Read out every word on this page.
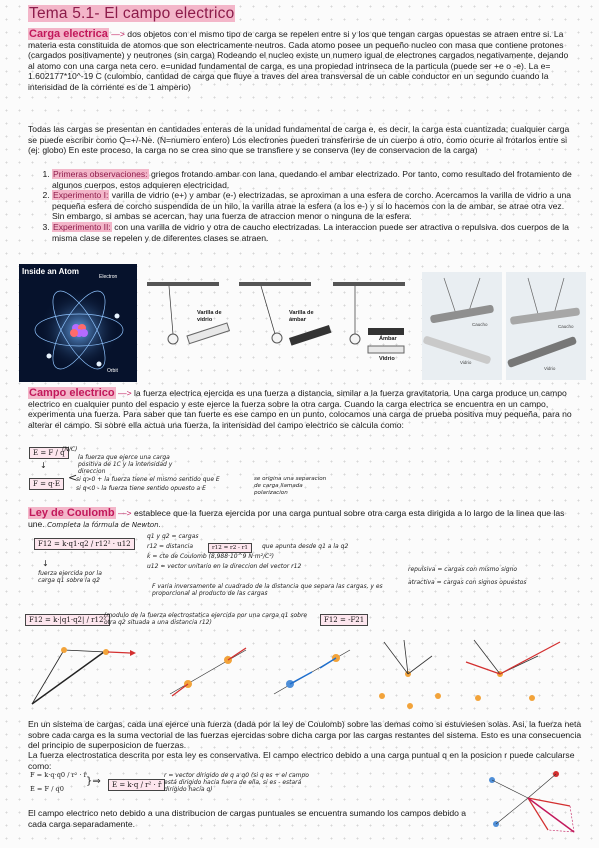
Tema 5.1- El campo electrico
Carga electrica —> dos objetos con el mismo tipo de carga se repelen entre si y los que tengan cargas opuestas se atraen entre si. La materia esta constituida de atomos que son electricamente neutros. Cada atomo posee un pequeño nucleo con masa que contiene protones (cargados positivamente) y neutrones (sin carga) Rodeando el nucleo existe un numero igual de electrones cargados negativamente, dejando al atomo con una carga neta cero. e=unidad fundamental de carga, es una propiedad intrinseca de la particula (puede ser +e o -e). La e= 1.602177*10^-19 C (culombio, cantidad de carga que fluye a traves del area transversal de un cable conductor en un segundo cuando la intensidad de la corriente es de 1 amperio)
Todas las cargas se presentan en cantidades enteras de la unidad fundamental de carga e, es decir, la carga esta cuantizada; cualquier carga se puede escribir como Q=+/-Ne. (N=numero entero) Los electrones pueden transferirse de un cuerpo a otro, como ocurre al frotarlos entre si (ej: globo) En este proceso, la carga no se crea sino que se transfiere y se conserva (ley de conservacion de la carga)
1. Primeras observaciones: griegos frotando ambar con lana, quedando el ambar electrizado. Por tanto, como resultado del frotamiento de algunos cuerpos, estos adquieren electricidad.
2. Experimento I: varilla de vidrio (e+) y ambar (e-) electrizadas, se aproximan a una esfera de corcho. Acercamos la varilla de vidrio a una pequeña esfera de corcho suspendida de un hilo, la varilla atrae la esfera (a los e-) y si lo hacemos con la de ambar, se atrae otra vez. Sin embargo, si ambas se acercan, hay una fuerza de atraccion menor o ninguna de la esfera.
3. Experimento II: con una varilla de vidrio y otra de caucho electrizadas. La interaccion puede ser atractiva o repulsiva. dos cuerpos de la misma clase se repelen y de diferentes clases se atraen.
Inside an Atom
Electron
Orbit
Varilla de vidrio
Varilla de ámbar
Ámbar
Vidrio
Caucho
Vidrio
Caucho
Vidrio
Campo electrico —> la fuerza electrica ejercida es una fuerza a distancia, similar a la fuerza gravitatoria. Una carga produce un campo electrico en cualquier punto del espacio y este ejerce la fuerza sobre la otra carga. Cuando la carga electrica se encuentra en un campo, experimenta una fuerza. Para saber que tan fuerte es ese campo en un punto, colocamos una carga de prueba positiva muy pequeña, para no alterar el campo. Si sobre ella actua una fuerza, la intensidad del campo electrico se calcula como:
E = F / q
(N/C)
la fuerza que ejerce una carga positiva de 1C y la intensidad y direccion
↓
F = q·E <
si q>0 + la fuerza tiene el mismo sentido que E
si q<0 - la fuerza tiene sentido opuesto a E
se origina una separacion de carga llamada polarizacion
Ley de Coulomb —> establece que la fuerza ejercida por una carga puntual sobre otra carga esta dirigida a lo largo de la linea que las une. Completa la fórmula de Newton.
F12 = k·q1·q2 / r12² · u12
↓
fuerza ejercida por la carga q1 sobre la q2
q1 y q2 = cargas
r12 = distancia	r12 = r2 - r1	que apunta desde q1 a la q2
k = cte de Coulomb (8,988·10^9 N·m²/C²)
u12 = vector unitario en la direccion del vector r12
F varia inversamente al cuadrado de la distancia que separa las cargas, y es proporcional al producto de las cargas
repulsiva = cargas con mismo signo
atractiva = cargas con signos opuestos
F12 = k·|q1·q2| / r12²
(modulo de la fuerza electrostatica ejercida por una carga q1 sobre otra q2 situada a una distancia r12)	F12 = -F21
En un sistema de cargas, cada una ejerce una fuerza (dada por la ley de Coulomb) sobre las demas como si estuviesen solas. Asi, la fuerza neta sobre cada carga es la suma vectorial de las fuerzas ejercidas sobre dicha carga por las cargas restantes del sistema. Esto es una consecuencia del principio de superposicion de fuerzas.
La fuerza electrostatica descrita por esta ley es conservativa. El campo electrico debido a una carga puntual q en la posicion r puede calcularse como:
F = k·q·q0 / r² · r̂
E = F / q0
}⇒	E = k·q / r² · r̂
r = vector dirigido de q a q0 (si q es + el campo está dirigido hacia fuera de ella, si es - estará dirigido hacia q)
El campo electrico neto debido a una distribucion de cargas puntuales se encuentra sumando los campos debido a cada carga separadamente.
